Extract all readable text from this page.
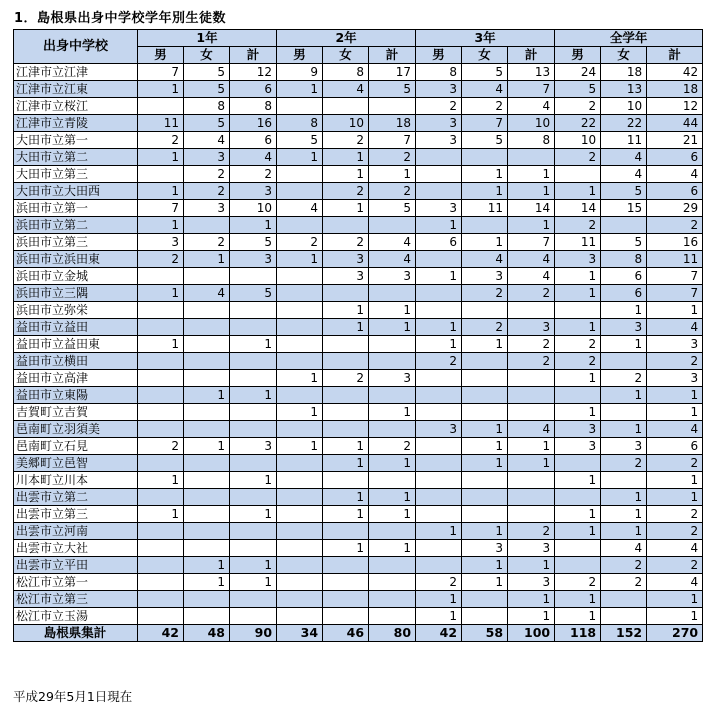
1．島根県出身中学校学年別生徒数
出身中学校	1年			2年			3年			全学年		
	男	女	計	男	女	計	男	女	計	男	女	計
江津市立江津	7	5	12	9	8	17	8	5	13	24	18	42
江津市立江東	1	5	6	1	4	5	3	4	7	5	13	18
江津市立桜江		8	8				2	2	4	2	10	12
江津市立青陵	11	5	16	8	10	18	3	7	10	22	22	44
大田市立第一	2	4	6	5	2	7	3	5	8	10	11	21
大田市立第二	1	3	4	1	1	2				2	4	6
大田市立第三		2	2		1	1		1	1		4	4
大田市立大田西	1	2	3		2	2		1	1	1	5	6
浜田市立第一	7	3	10	4	1	5	3	11	14	14	15	29
浜田市立第二	1		1				1		1	2		2
浜田市立第三	3	2	5	2	2	4	6	1	7	11	5	16
浜田市立浜田東	2	1	3	1	3	4		4	4	3	8	11
浜田市立金城					3	3	1	3	4	1	6	7
浜田市立三隅	1	4	5					2	2	1	6	7
浜田市立弥栄					1	1					1	1
益田市立益田					1	1	1	2	3	1	3	4
益田市立益田東	1		1				1	1	2	2	1	3
益田市立横田							2		2	2		2
益田市立高津				1	2	3				1	2	3
益田市立東陽		1	1								1	1
吉賀町立吉賀				1		1				1		1
邑南町立羽須美							3	1	4	3	1	4
邑南町立石見	2	1	3	1	1	2		1	1	3	3	6
美郷町立邑智					1	1		1	1		2	2
川本町立川本	1		1							1		1
出雲市立第二					1	1					1	1
出雲市立第三	1		1		1	1				1	1	2
出雲市立河南							1	1	2	1	1	2
出雲市立大社					1	1		3	3		4	4
出雲市立平田		1	1					1	1		2	2
松江市立第一		1	1				2	1	3	2	2	4
松江市立第三							1		1	1		1
松江市立玉湯							1		1	1		1
島根県集計	42	48	90	34	46	80	42	58	100	118	152	270
平成29年5月1日現在
